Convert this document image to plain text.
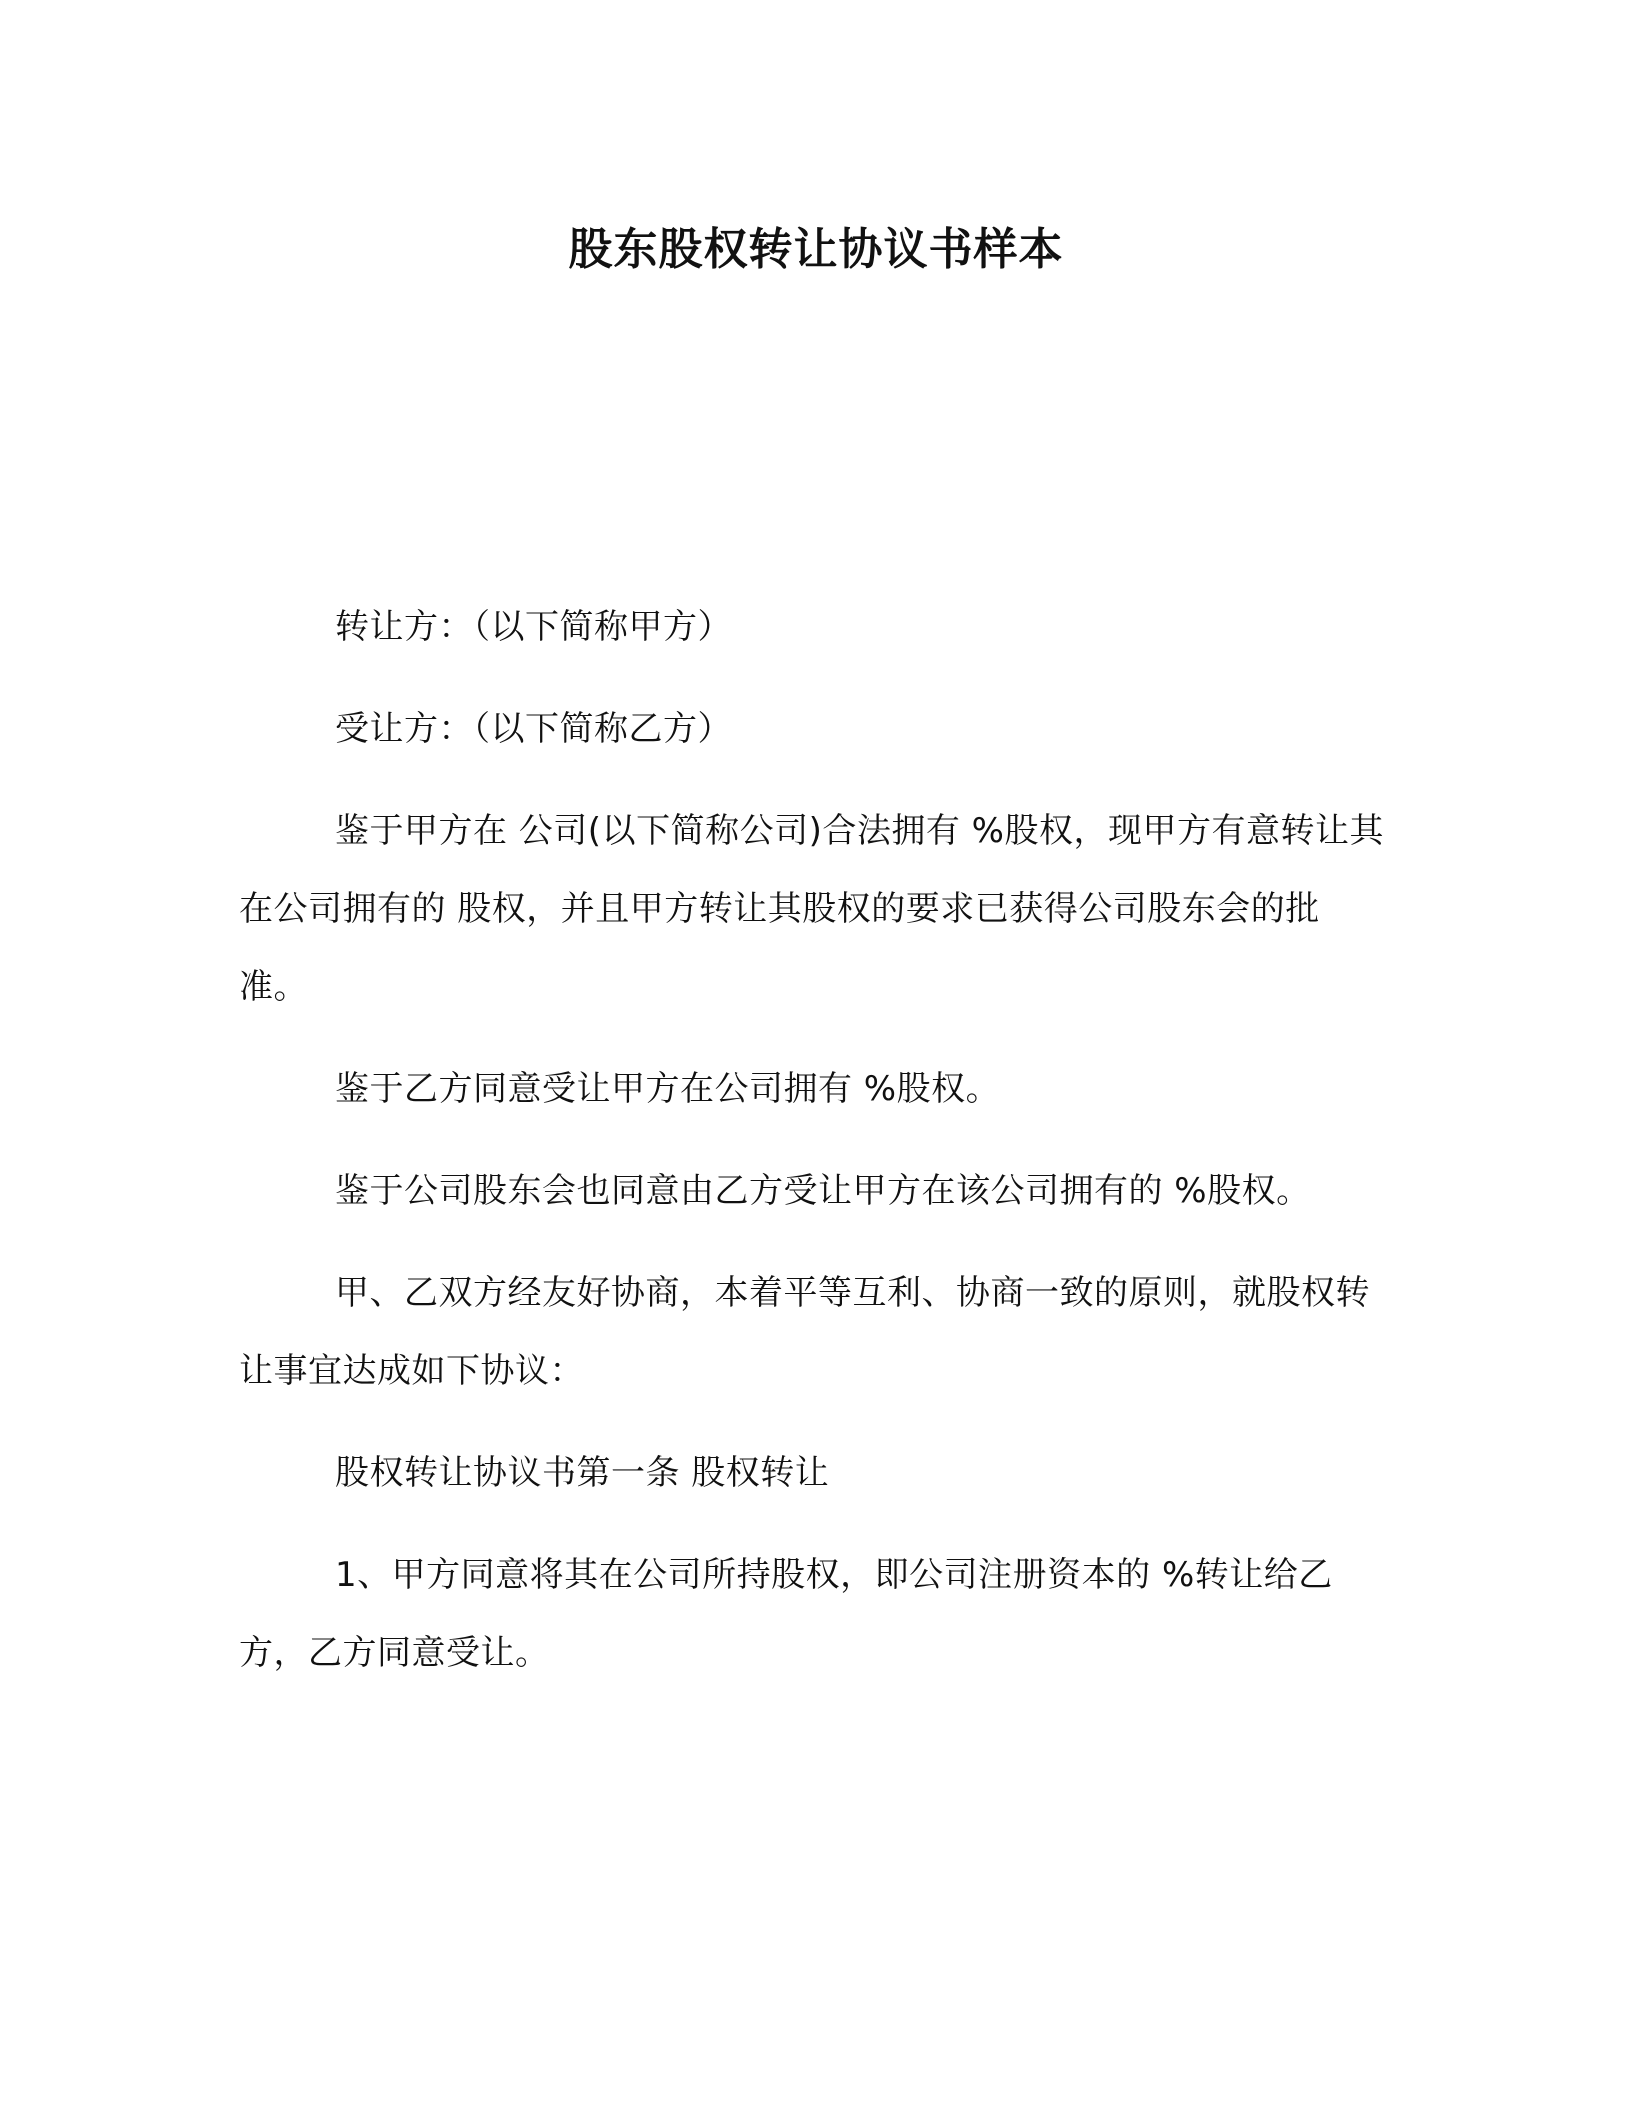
股东股权转让协议书样本

转让方：（以下简称甲方）

受让方：（以下简称乙方）

鉴于甲方在 公司(以下简称公司)合法拥有 %股权，现甲方有意转让其在公司拥有的 股权，并且甲方转让其股权的要求已获得公司股东会的批准。

鉴于乙方同意受让甲方在公司拥有 %股权。

鉴于公司股东会也同意由乙方受让甲方在该公司拥有的 %股权。

甲、乙双方经友好协商，本着平等互利、协商一致的原则，就股权转让事宜达成如下协议：

股权转让协议书第一条 股权转让

1、甲方同意将其在公司所持股权，即公司注册资本的 %转让给乙方，乙方同意受让。
